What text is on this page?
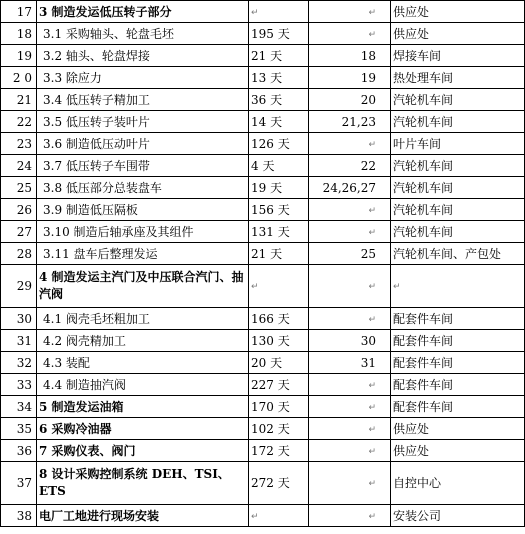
17	3 制造发运低压转子部分	↵	↵	供应处
18	3.1 采购轴头、轮盘毛坯	195 天	↵	供应处
19	3.2 轴头、轮盘焊接	21 天	18	焊接车间
2 0	3.3 除应力	13 天	19	热处理车间
21	3.4 低压转子精加工	36 天	20	汽轮机车间
22	3.5 低压转子装叶片	14 天	21,23	汽轮机车间
23	3.6 制造低压动叶片	126 天	↵	叶片车间
24	3.7 低压转子车围带	4 天	22	汽轮机车间
25	3.8 低压部分总装盘车	19 天	24,26,27	汽轮机车间
26	3.9 制造低压隔板	156 天	↵	汽轮机车间
27	3.10 制造后轴承座及其组件	131 天	↵	汽轮机车间
28	3.11 盘车后整理发运	21 天	25	汽轮机车间、产包处
29	4 制造发运主汽门及中压联合汽门、抽汽阀	↵	↵	↵
30	4.1 阀壳毛坯粗加工	166 天	↵	配套件车间
31	4.2 阀壳精加工	130 天	30	配套件车间
32	4.3 装配	20 天	31	配套件车间
33	4.4 制造抽汽阀	227 天	↵	配套件车间
34	5 制造发运油箱	170 天	↵	配套件车间
35	6 采购冷油器	102 天	↵	供应处
36	7 采购仪表、阀门	172 天	↵	供应处
37	8 设计采购控制系统 DEH、TSI、ETS	272 天	↵	自控中心
38	电厂工地进行现场安装	↵	↵	安装公司
